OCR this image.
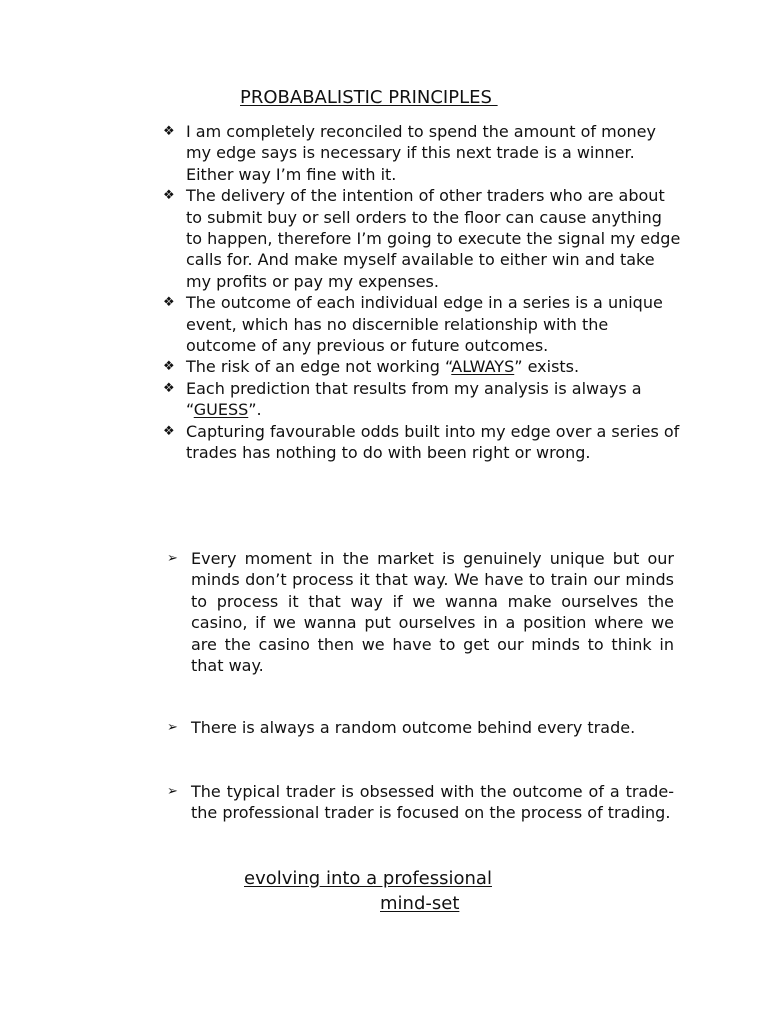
PROBABALISTIC PRINCIPLES
❖ I am completely reconciled to spend the amount of money my edge says is necessary if this next trade is a winner. Either way I’m fine with it.
❖ The delivery of the intention of other traders who are about to submit buy or sell orders to the floor can cause anything to happen, therefore I’m going to execute the signal my edge calls for. And make myself available to either win and take my profits or pay my expenses.
❖ The outcome of each individual edge in a series is a unique event, which has no discernible relationship with the outcome of any previous or future outcomes.
❖ The risk of an edge not working “ALWAYS” exists.
❖ Each prediction that results from my analysis is always a “GUESS”.
❖ Capturing favourable odds built into my edge over a series of trades has nothing to do with been right or wrong.
➢ Every moment in the market is genuinely unique but our minds don’t process it that way. We have to train our minds to process it that way if we wanna make ourselves the casino, if we wanna put ourselves in a position where we are the casino then we have to get our minds to think in that way.
➢ There is always a random outcome behind every trade.
➢ The typical trader is obsessed with the outcome of a trade-the professional trader is focused on the process of trading.
evolving into a professional
mind-set
